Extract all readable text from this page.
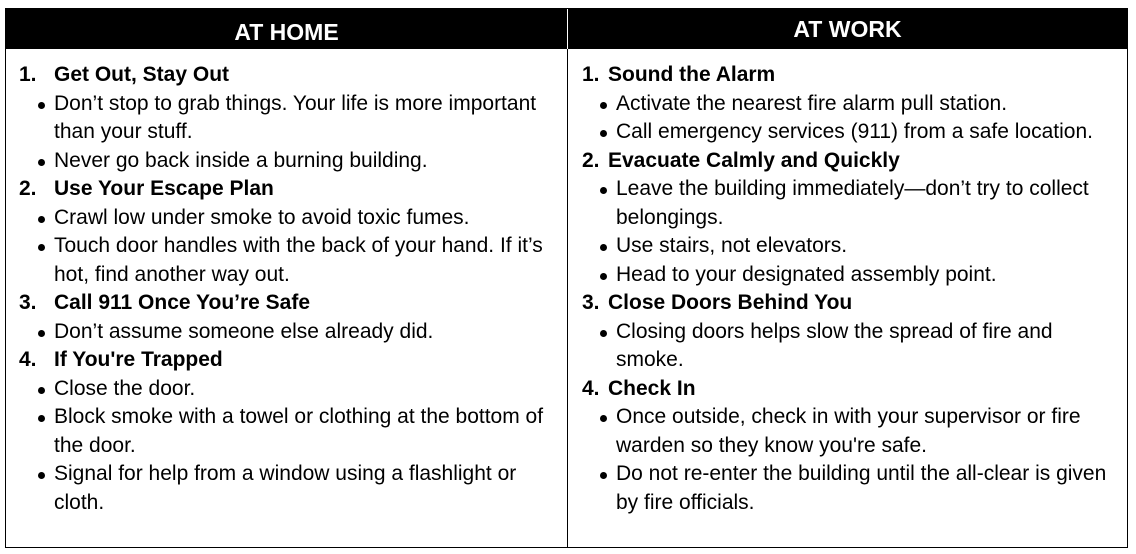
AT HOME	AT WORK
1. Get Out, Stay Out
Don’t stop to grab things. Your life is more important than your stuff.
Never go back inside a burning building.
2. Use Your Escape Plan
Crawl low under smoke to avoid toxic fumes.
Touch door handles with the back of your hand. If it’s hot, find another way out.
3. Call 911 Once You’re Safe
Don’t assume someone else already did.
4. If You're Trapped
Close the door.
Block smoke with a towel or clothing at the bottom of the door.
Signal for help from a window using a flashlight or cloth.
1. Sound the Alarm
Activate the nearest fire alarm pull station.
Call emergency services (911) from a safe location.
2. Evacuate Calmly and Quickly
Leave the building immediately—don’t try to collect belongings.
Use stairs, not elevators.
Head to your designated assembly point.
3. Close Doors Behind You
Closing doors helps slow the spread of fire and smoke.
4. Check In
Once outside, check in with your supervisor or fire warden so they know you're safe.
Do not re-enter the building until the all-clear is given by fire officials.
